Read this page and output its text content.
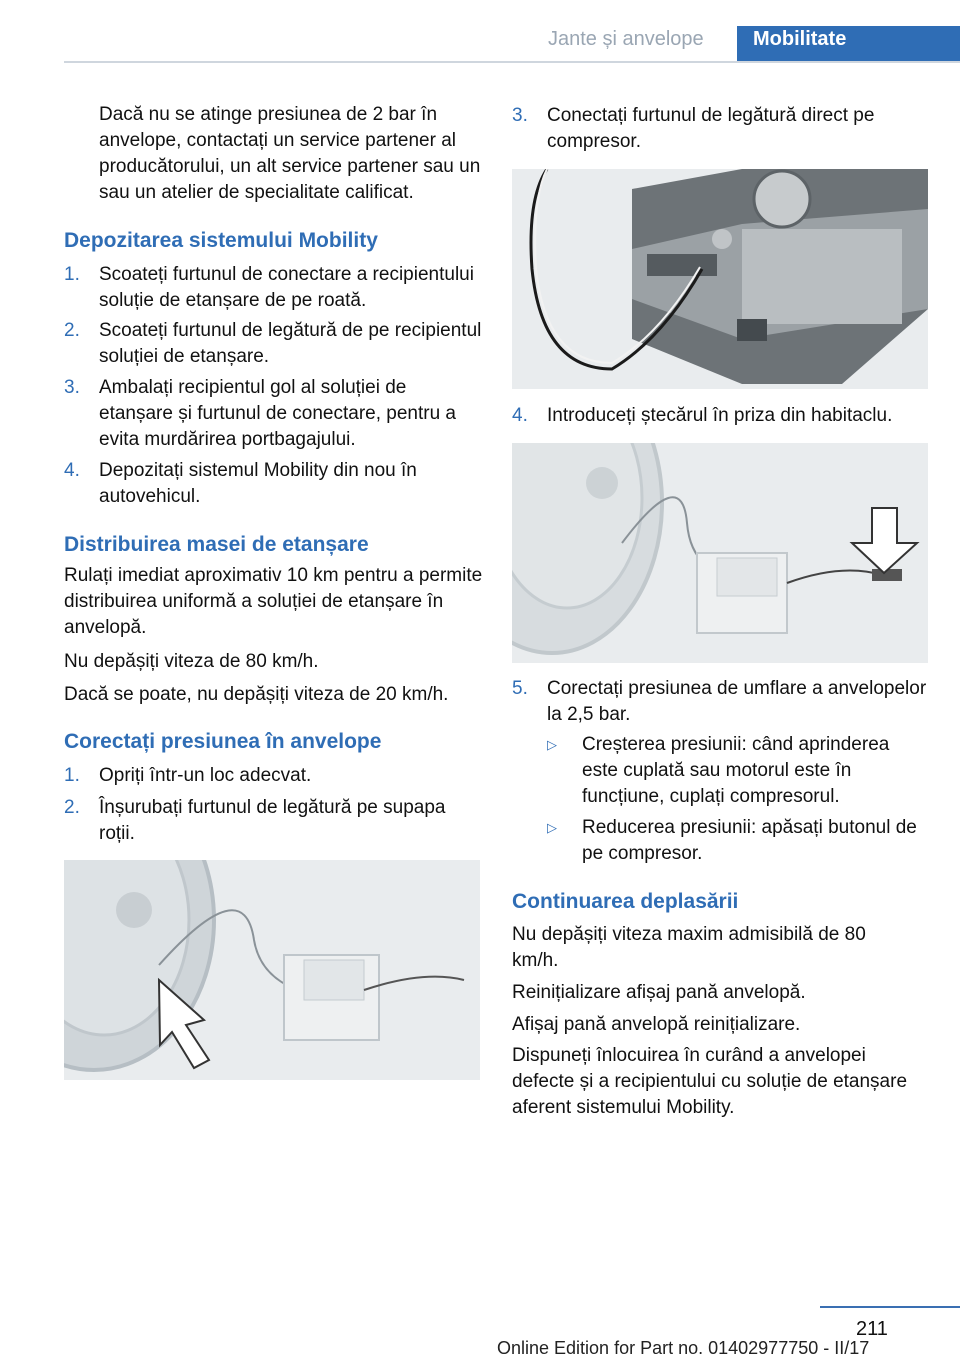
Jante și anvelope	Mobilitate

Dacă nu se atinge presiunea de 2 bar în anvelope, contactați un service partener al producătorului, un alt service partener sau un sau un atelier de specialitate calificat.

Depozitarea sistemului Mobility
1.	Scoateți furtunul de conectare a recipientului soluție de etanșare de pe roată.
2.	Scoateți furtunul de legătură de pe recipientul soluției de etanșare.
3.	Ambalați recipientul gol al soluției de etanșare și furtunul de conectare, pentru a evita murdărirea portbagajului.
4.	Depozitați sistemul Mobility din nou în autovehicul.
Distribuirea masei de etanșare

Rulați imediat aproximativ 10 km pentru a permite distribuirea uniformă a soluției de etanșare în anvelopă.

Nu depășiți viteza de 80 km/h.

Dacă se poate, nu depășiți viteza de 20 km/h.

Corectați presiunea în anvelope
1.	Opriți într-un loc adecvat.
2.	Înșurubați furtunul de legătură pe supapa roții.
3.	Conectați furtunul de legătură direct pe compresor.
4.	Introduceți ștecărul în priza din habitaclu.
5.	Corectați presiunea de umflare a anvelopelor la 2,5 bar.
▷	Creșterea presiunii: când aprinderea este cuplată sau motorul este în funcțiune, cuplați compresorul.
▷	Reducerea presiunii: apăsați butonul de pe compresor.
Continuarea deplasării

Nu depășiți viteza maxim admisibilă de 80 km/h.

Reinițializare afișaj pană anvelopă.

Afișaj pană anvelopă reinițializare.

Dispuneți înlocuirea în curând a anvelopei defecte și a recipientului cu soluție de etanșare aferent sistemului Mobility.

211
Online Edition for Part no. 01402977750 - II/17
